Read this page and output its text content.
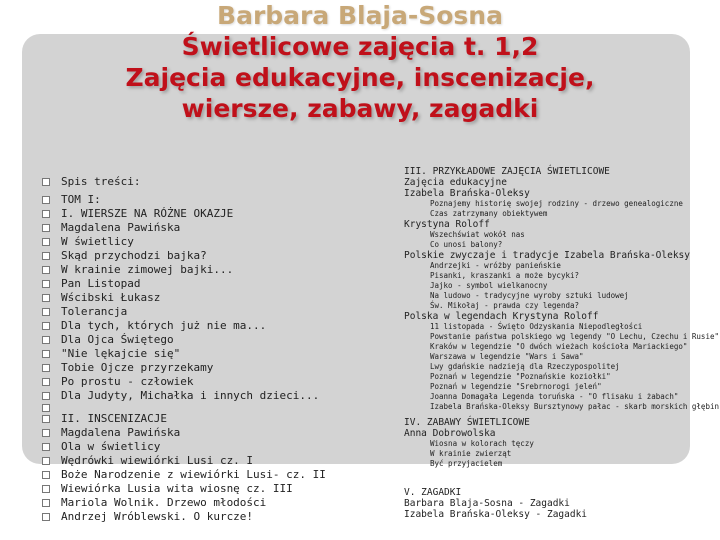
Barbara Blaja-Sosna
Świetlicowe zajęcia t. 1,2
Zajęcia edukacyjne, inscenizacje,
wiersze, zabawy, zagadki
Spis treści:
TOM I:
I. WIERSZE NA RÓŻNE OKAZJE
Magdalena Pawińska
W świetlicy
Skąd przychodzi bajka?
W krainie zimowej bajki...
Pan Listopad
Wścibski Łukasz
Tolerancja
Dla tych, których już nie ma...
Dla Ojca Świętego
"Nie lękajcie się"
Tobie Ojcze przyrzekamy
Po prostu - człowiek
Dla Judyty, Michałka i innych dzieci...
II. INSCENIZACJE
Magdalena Pawińska
Ola w świetlicy
Wędrówki wiewiórki Lusi cz. I
Boże Narodzenie z wiewiórki Lusi- cz. II
Wiewiórka Lusia wita wiosnę cz. III
Mariola Wolnik. Drzewo młodości
Andrzej Wróblewski. O kurcze!
III. PRZYKŁADOWE ZAJĘCIA ŚWIETLICOWE
Zajęcia edukacyjne
Izabela Brańska-Oleksy
Poznajemy historię swojej rodziny - drzewo genealogiczne
Czas zatrzymany obiektywem
Krystyna Roloff
Wszechświat wokół nas
Co unosi balony?
Polskie zwyczaje i tradycje Izabela Brańska-Oleksy
Andrzejki - wróżby panieńskie
Pisanki, kraszanki a może bycyki?
Jajko - symbol wielkanocny
Na ludowo - tradycyjne wyroby sztuki ludowej
Św. Mikołaj - prawda czy legenda?
Polska w legendach Krystyna Roloff
11 listopada - Święto Odzyskania Niepodległości
Powstanie państwa polskiego wg legendy "O Lechu, Czechu i Rusie"
Kraków w legendzie "O dwóch wieżach kościoła Mariackiego"
Warszawa w legendzie "Wars i Sawa"
Lwy gdańskie nadzieją dla Rzeczypospolitej
Poznań w legendzie "Poznańskie koziołki"
Poznań w legendzie "Srebrnorogi jeleń"
Joanna Domagała Legenda toruńska - "O flisaku i żabach"
Izabela Brańska-Oleksy Bursztynowy pałac - skarb morskich głębin
IV. ZABAWY ŚWIETLICOWE
Anna Dobrowolska
Wiosna w kolorach tęczy
W krainie zwierząt
Być przyjacielem
V. ZAGADKI
Barbara Blaja-Sosna - Zagadki
Izabela Brańska-Oleksy - Zagadki
